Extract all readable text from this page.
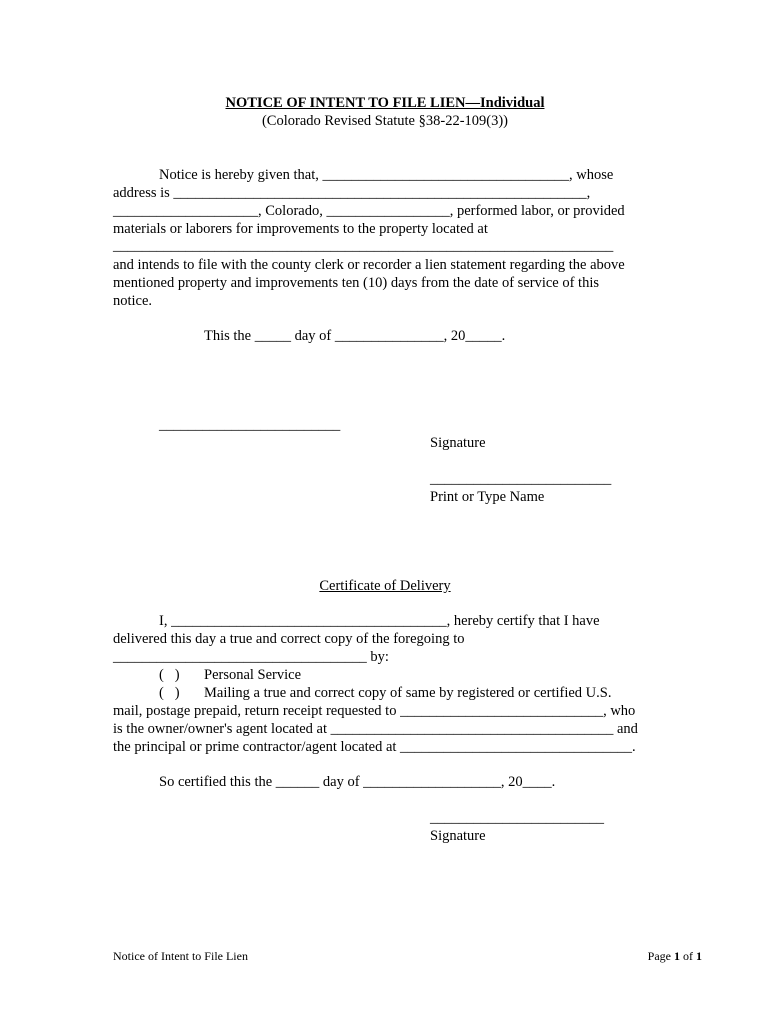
NOTICE OF INTENT TO FILE LIEN—Individual
(Colorado Revised Statute §38-22-109(3))
Notice is hereby given that, __________________________________, whose
address is _________________________________________________________,
____________________, Colorado, _________________, performed labor, or provided
materials or laborers for improvements to the property located at
_____________________________________________________________________
and intends to file with the county clerk or recorder a lien statement regarding the above
mentioned property and improvements ten (10) days from the date of service of this
notice.
This the _____ day of _______________, 20_____.
_________________________
Signature
_________________________
Print or Type Name
Certificate of Delivery
I, ______________________________________, hereby certify that I have
delivered this day a true and correct copy of the foregoing to
___________________________________ by:
(   ) Personal Service
(   ) Mailing a true and correct copy of same by registered or certified U.S.
mail, postage prepaid, return receipt requested to ____________________________, who
is the owner/owner's agent located at _______________________________________ and
the principal or prime contractor/agent located at ________________________________.
So certified this the ______ day of ___________________, 20____.
________________________
Signature
Notice of Intent to File Lien	Page 1 of 1
